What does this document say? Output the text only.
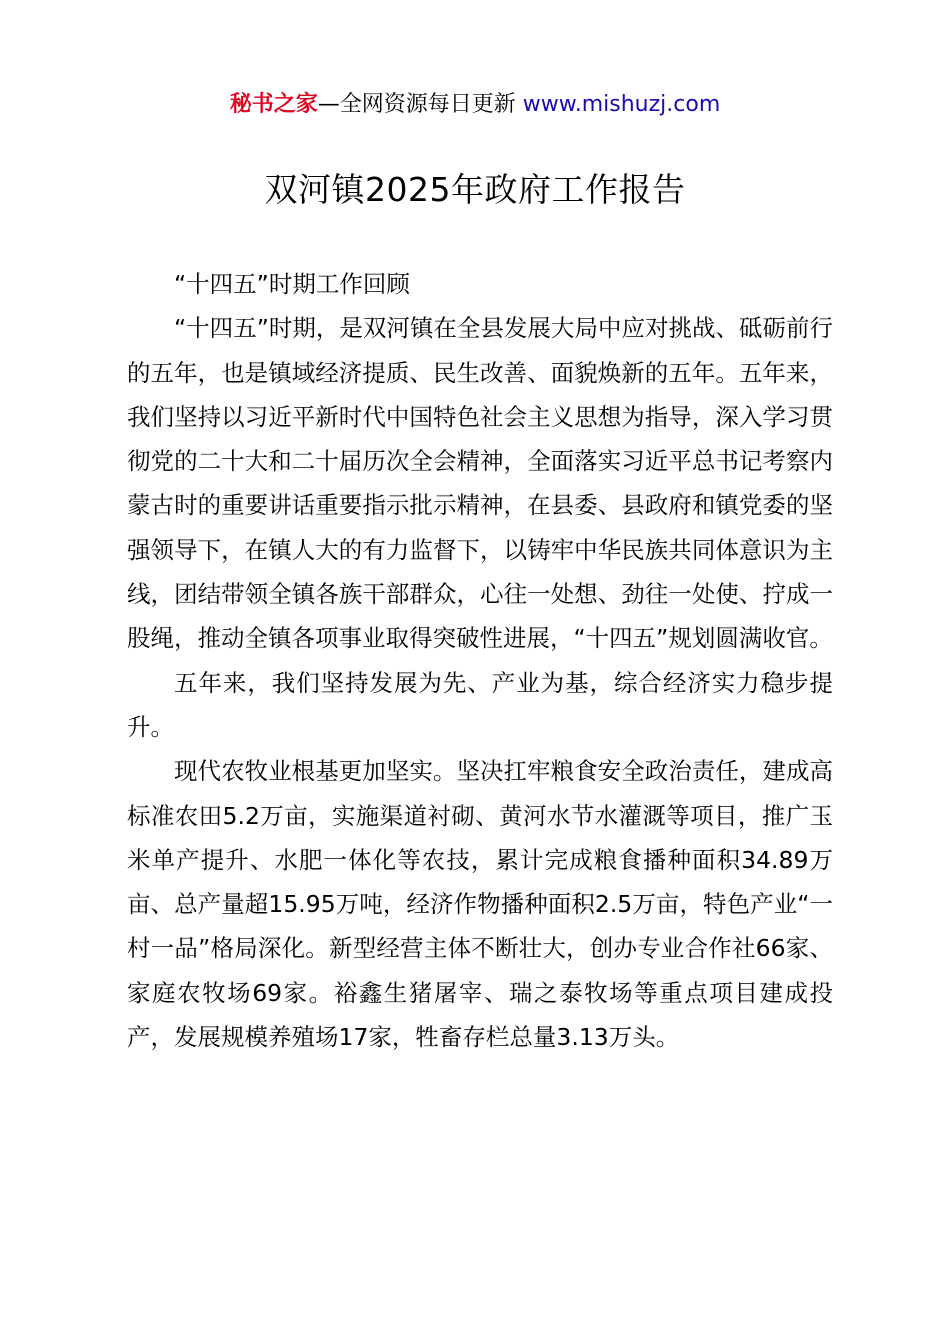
秘书之家—全网资源每日更新 www.mishuzj.com
双河镇2025年政府工作报告

“十四五”时期工作回顾

“十四五”时期，是双河镇在全县发展大局中应对挑战、砥砺前行的五年，也是镇域经济提质、民生改善、面貌焕新的五年。五年来，我们坚持以习近平新时代中国特色社会主义思想为指导，深入学习贯彻党的二十大和二十届历次全会精神，全面落实习近平总书记考察内蒙古时的重要讲话重要指示批示精神，在县委、县政府和镇党委的坚强领导下，在镇人大的有力监督下，以铸牢中华民族共同体意识为主线，团结带领全镇各族干部群众，心往一处想、劲往一处使、拧成一股绳，推动全镇各项事业取得突破性进展，“十四五”规划圆满收官。

五年来，我们坚持发展为先、产业为基，综合经济实力稳步提升。

现代农牧业根基更加坚实。坚决扛牢粮食安全政治责任，建成高标准农田5.2万亩，实施渠道衬砌、黄河水节水灌溉等项目，推广玉米单产提升、水肥一体化等农技，累计完成粮食播种面积34.89万亩、总产量超15.95万吨，经济作物播种面积2.5万亩，特色产业“一村一品”格局深化。新型经营主体不断壮大，创办专业合作社66家、家庭农牧场69家。裕鑫生猪屠宰、瑞之泰牧场等重点项目建成投产，发展规模养殖场17家，牲畜存栏总量3.13万头。
